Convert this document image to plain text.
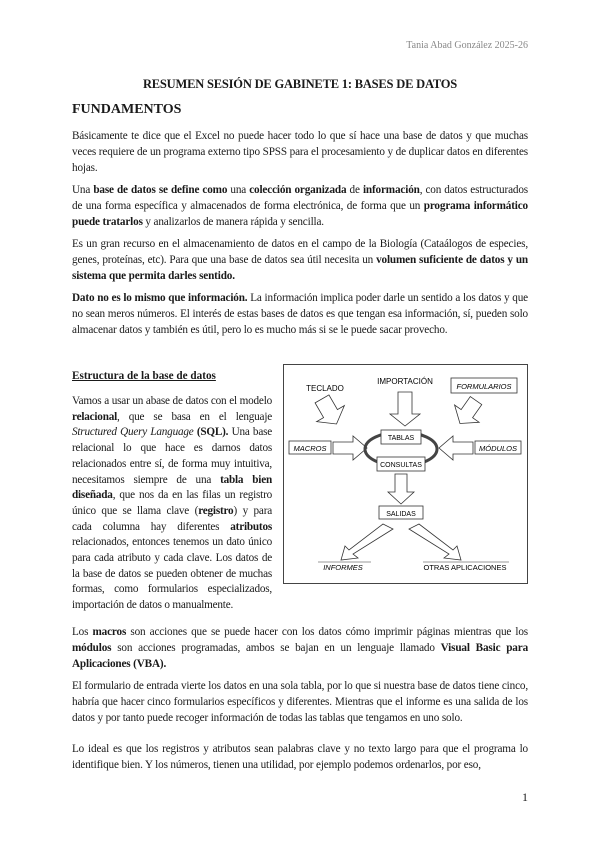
Tania Abad González 2025-26
RESUMEN SESIÓN DE GABINETE 1: BASES DE DATOS
FUNDAMENTOS
Básicamente te dice que el Excel no puede hacer todo lo que sí hace una base de datos y que muchas veces requiere de un programa externo tipo SPSS para el procesamiento y de duplicar datos en diferentes hojas.
Una base de datos se define como una colección organizada de información, con datos estructurados de una forma específica y almacenados de forma electrónica, de forma que un programa informático puede tratarlos y analizarlos de manera rápida y sencilla.
Es un gran recurso en el almacenamiento de datos en el campo de la Biología (Cataálogos de especies, genes, proteínas, etc). Para que una base de datos sea útil necesita un volumen suficiente de datos y un sistema que permita darles sentido.
Dato no es lo mismo que información. La información implica poder darle un sentido a los datos y que no sean meros números. El interés de estas bases de datos es que tengan esa información, sí, pueden solo almacenar datos y también es útil, pero lo es mucho más si se le puede sacar provecho.
Estructura de la base de datos
Vamos a usar un abase de datos con el modelo relacional, que se basa en el lenguaje Structured Query Language (SQL). Una base relacional lo que hace es darnos datos relacionados entre sí, de forma muy intuitiva, necesitamos siempre de una tabla bien diseñada, que nos da en las filas un registro único que se llama clave (registro) y para cada columna hay diferentes atributos relacionados, entonces tenemos un dato único para cada atributo y cada clave. Los datos de la base de datos se pueden obtener de muchas formas, como formularios especializados, importación de datos o manualmente.
TECLADO
IMPORTACIÓN
FORMULARIOS
MACROS
TABLAS
CONSULTAS
MÓDULOS
SALIDAS
INFORMES	OTRAS APLICACIONES
Los macros son acciones que se puede hacer con los datos cómo imprimir páginas mientras que los módulos son acciones programadas, ambos se bajan en un lenguaje llamado Visual Basic para Aplicaciones (VBA).
El formulario de entrada vierte los datos en una sola tabla, por lo que si nuestra base de datos tiene cinco, habría que hacer cinco formularios específicos y diferentes. Mientras que el informe es una salida de los datos y por tanto puede recoger información de todas las tablas que tengamos en uno solo.
Lo ideal es que los registros y atributos sean palabras clave y no texto largo para que el programa lo identifique bien. Y los números, tienen una utilidad, por ejemplo podemos ordenarlos, por eso,
1
